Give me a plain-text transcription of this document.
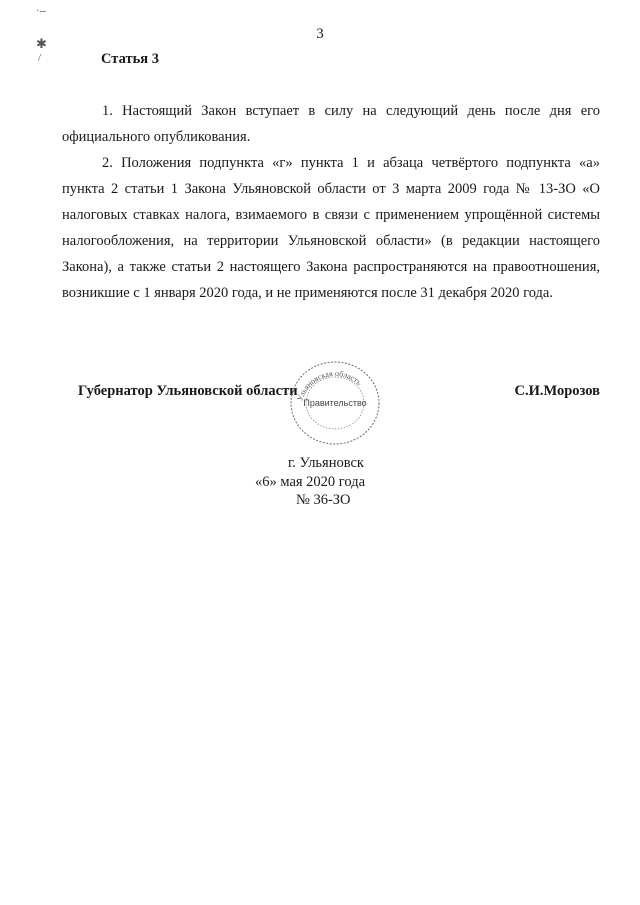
·-‑
✱
/
3
Статья 3

1. Настоящий Закон вступает в силу на следующий день после дня его официального опубликования.

2. Положения подпункта «г» пункта 1 и абзаца четвёртого подпункта «а» пункта 2 статьи 1 Закона Ульяновской области от 3 марта 2009 года № 13-ЗО «О налоговых ставках налога, взимаемого в связи с применением упрощённой системы налогообложения, на территории Ульяновской области» (в редакции настоящего Закона), а также статьи 2 настоящего Закона распространяются на правоотношения, возникшие с 1 января 2020 года, и не применяются после 31 декабря 2020 года.

Губернатор Ульяновской области
Ульяновская область
Правительство
С.И.Морозов
г. Ульяновск
«6» мая 2020 года
№ 36-ЗО
